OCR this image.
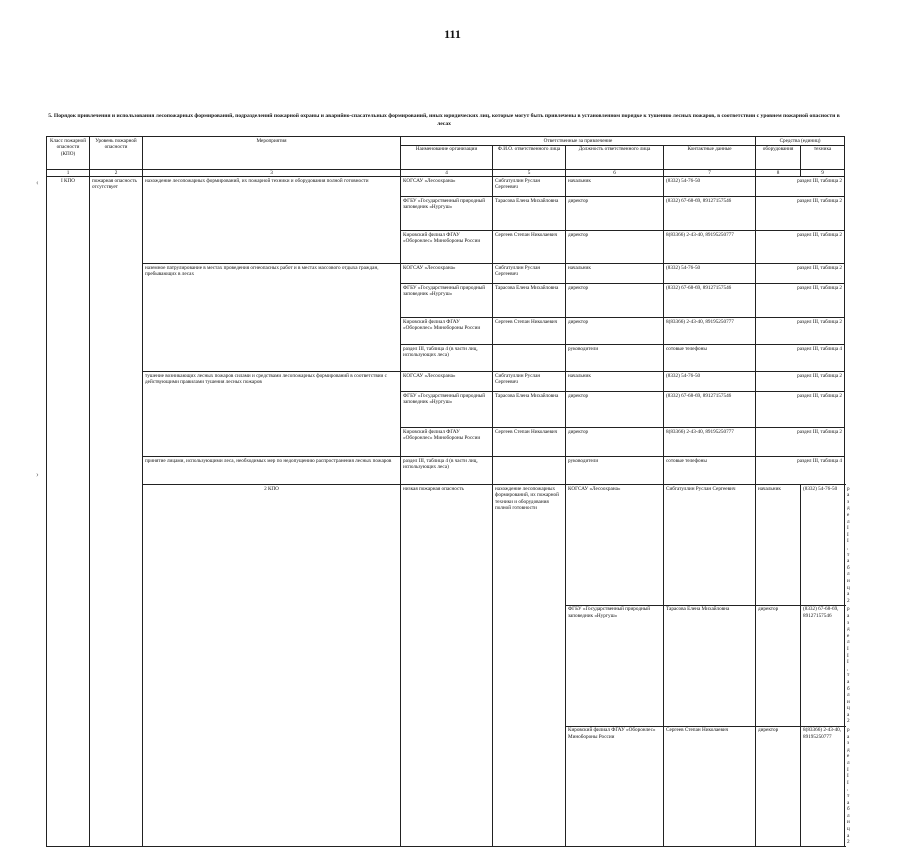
111
5. Порядок привлечения и использования лесопожарных формирований, подразделений пожарной охраны и аварийно-спасательных формирований, иных юридических лиц, которые могут быть привлечены в установленном порядке к тушению лесных пожаров, в соответствии с уровнем пожарной опасности в лесах
‹
›
Класс пожарной опасности (КПО)	Уровень пожарной опасности	Мероприятия	Ответственные за привлечение				Средства (единиц)		
			Наименование организации	Ф.И.О. ответственного лица	Должность ответственного лица	Контактные данные	оборудования	техника	
1	2	3	4	5	6	7	8	9	
I КПО	пожарная опасность отсутствует	нахождение лесопожарных формирований, их пожарной техники и оборудования полной готовности	КОГСАУ «Лесоохрана»	Сибгатуллин Руслан Сергеевич	начальник	(8332) 54-76-50	раздел III, таблица 2		
			ФГБУ «Государственный природный заповедник «Нургуш»	Тарасова Елена Михайловна	директор	(8332) 67-68-69, 89127157546	раздел III, таблица 2		
			Кировский филиал ФГАУ «Оборонлес» Минобороны России	Сергеев Степан Николаевич	директор	8(83366) 2-43-40, 89195250777	раздел III, таблица 2		
		наземное патрулирование в местах проведения огнеопасных работ и в местах массового отдыха граждан, пребывающих в лесах	КОГСАУ «Лесоохрана»	Сибгатуллин Руслан Сергеевич	начальник	(8332) 54-76-50	раздел III, таблица 2		
			ФГБУ «Государственный природный заповедник «Нургуш»	Тарасова Елена Михайловна	директор	(8332) 67-68-69, 89127157546	раздел III, таблица 2		
			Кировский филиал ФГАУ «Оборонлес» Минобороны России	Сергеев Степан Николаевич	директор	8(83366) 2-43-40, 89195250777	раздел III, таблица 2		
			раздел III, таблица 4 (в части лиц, использующих леса)		руководители	сотовые телефоны	раздел III, таблица 4		
		тушение возникающих лесных пожаров силами и средствами лесопожарных формирований в соответствии с действующими правилами тушения лесных пожаров	КОГСАУ «Лесоохрана»	Сибгатуллин Руслан Сергеевич	начальник	(8332) 54-76-50	раздел III, таблица 2		
			ФГБУ «Государственный природный заповедник «Нургуш»	Тарасова Елена Михайловна	директор	(8332) 67-68-69, 89127157546	раздел III, таблица 2		
			Кировский филиал ФГАУ «Оборонлес» Минобороны России	Сергеев Степан Николаевич	директор	8(83366) 2-43-40, 89195250777	раздел III, таблица 2		
		принятие лицами, использующими леса, необходимых мер по недопущению распространения лесных пожаров	раздел III, таблица 4 (в части лиц, использующих леса)		руководители	сотовые телефоны	раздел III, таблица 4		
		2 КПО	низкая пожарная опасность	нахождение лесопожарных формирований, их пожарной техники и оборудования полной готовности	КОГСАУ «Лесоохрана»	Сибгатуллин Руслан Сергеевич	начальник	(8332) 54-76-50	раздел III, таблица 2
					ФГБУ «Государственный природный заповедник «Нургуш»	Тарасова Елена Михайловна	директор	(8332) 67-68-69, 89127157546	раздел III, таблица 2
					Кировский филиал ФГАУ «Оборонлес» Минобороны России	Сергеев Степан Николаевич	директор	8(83366) 2-43-40, 89195250777	раздел III, таблица 2
